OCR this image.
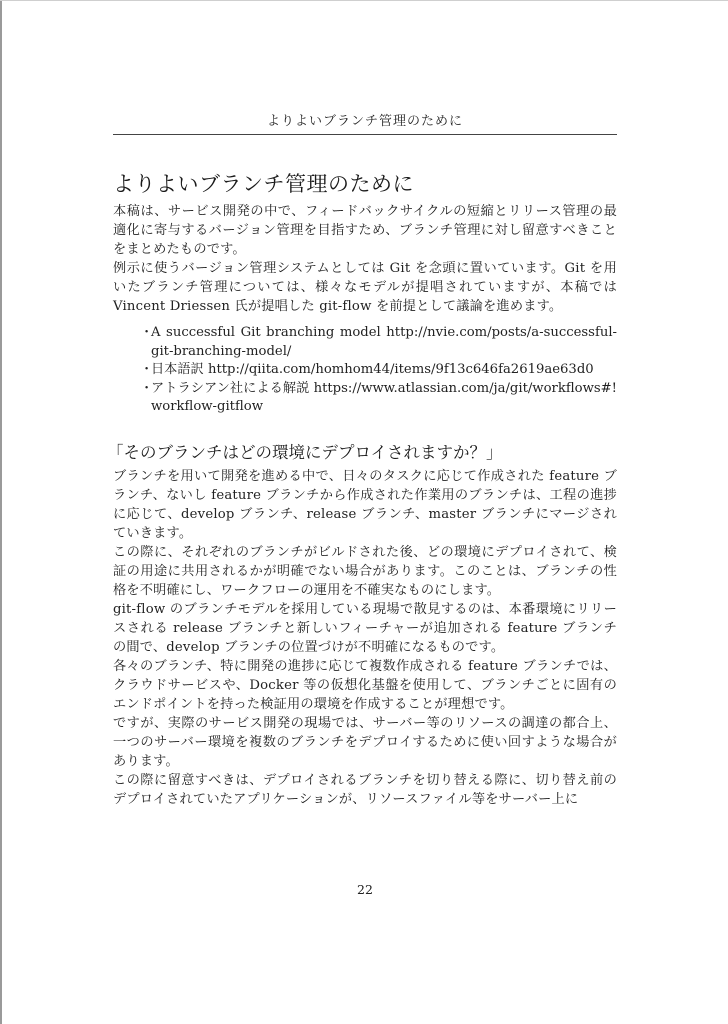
よりよいブランチ管理のために
よりよいブランチ管理のために

本稿は、サービス開発の中で、フィードバックサイクルの短縮とリリース管理の最適化に寄与するバージョン管理を目指すため、ブランチ管理に対し留意すべきことをまとめたものです。

例示に使うバージョン管理システムとしては Git を念頭に置いています。Git を用いたブランチ管理については、様々なモデルが提唱されていますが、本稿では Vincent Driessen 氏が提唱した git-flow を前提として議論を進めます。

・
A successful Git branching model http://nvie.com/posts/a-successful-git-branching-model/
・
日本語訳 http://qiita.com/homhom44/items/9f13c646fa2619ae63d0
・
アトラシアン社による解説 https://www.atlassian.com/ja/git/workflows#!workflow-gitflow
「そのブランチはどの環境にデプロイされますか？」

ブランチを用いて開発を進める中で、日々のタスクに応じて作成された feature ブランチ、ないし feature ブランチから作成された作業用のブランチは、工程の進捗に応じて、develop ブランチ、release ブランチ、master ブランチにマージされていきます。

この際に、それぞれのブランチがビルドされた後、どの環境にデプロイされて、検証の用途に共用されるかが明確でない場合があります。このことは、ブランチの性格を不明確にし、ワークフローの運用を不確実なものにします。

git-flow のブランチモデルを採用している現場で散見するのは、本番環境にリリースされる release ブランチと新しいフィーチャーが追加される feature ブランチの間で、develop ブランチの位置づけが不明確になるものです。

各々のブランチ、特に開発の進捗に応じて複数作成される feature ブランチでは、クラウドサービスや、Docker 等の仮想化基盤を使用して、ブランチごとに固有のエンドポイントを持った検証用の環境を作成することが理想です。

ですが、実際のサービス開発の現場では、サーバー等のリソースの調達の都合上、一つのサーバー環境を複数のブランチをデプロイするために使い回すような場合があります。

この際に留意すべきは、デプロイされるブランチを切り替える際に、切り替え前のデプロイされていたアプリケーションが、リソースファイル等をサーバー上に

22
